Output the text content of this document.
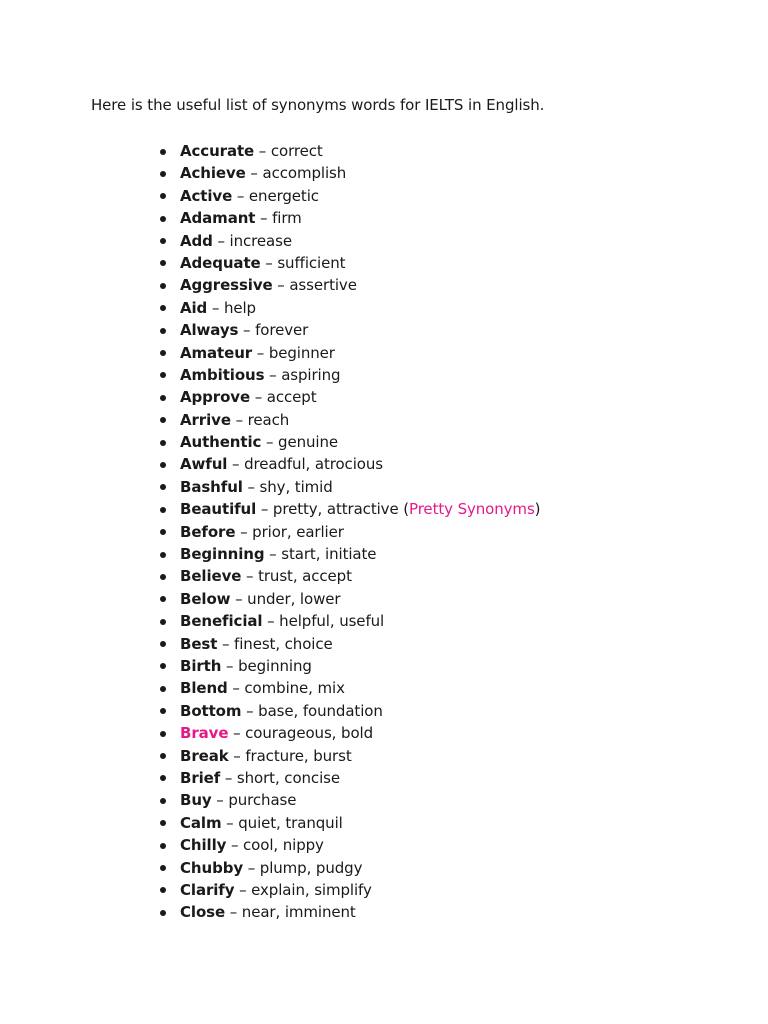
Here is the useful list of synonyms words for IELTS in English.
Accurate – correct
Achieve – accomplish
Active – energetic
Adamant – firm
Add – increase
Adequate – sufficient
Aggressive – assertive
Aid – help
Always – forever
Amateur – beginner
Ambitious – aspiring
Approve – accept
Arrive – reach
Authentic – genuine
Awful – dreadful, atrocious
Bashful – shy, timid
Beautiful – pretty, attractive (Pretty Synonyms)
Before – prior, earlier
Beginning – start, initiate
Believe – trust, accept
Below – under, lower
Beneficial – helpful, useful
Best – finest, choice
Birth – beginning
Blend – combine, mix
Bottom – base, foundation
Brave – courageous, bold
Break – fracture, burst
Brief – short, concise
Buy – purchase
Calm – quiet, tranquil
Chilly – cool, nippy
Chubby – plump, pudgy
Clarify – explain, simplify
Close – near, imminent
